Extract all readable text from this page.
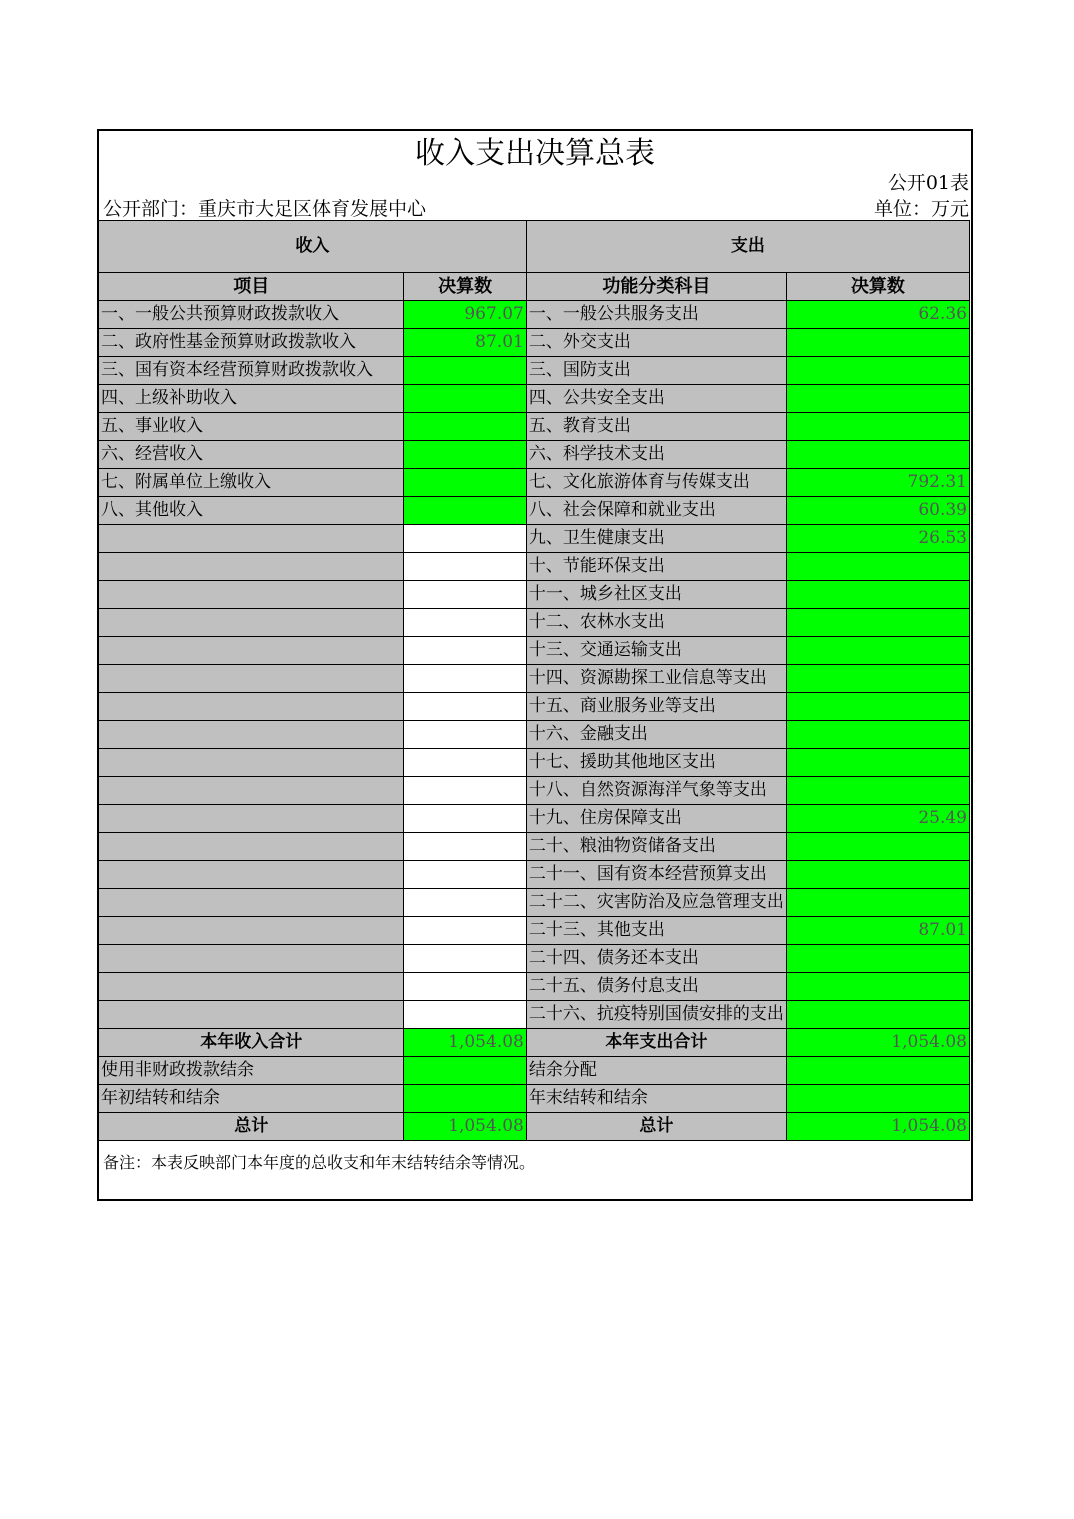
收入支出决算总表
公开01表
公开部门：重庆市大足区体育发展中心	单位：万元
收入		支出	
项目	决算数	功能分类科目	决算数
一、一般公共预算财政拨款收入	967.07	一、一般公共服务支出	62.36
二、政府性基金预算财政拨款收入	87.01	二、外交支出	
三、国有资本经营预算财政拨款收入		三、国防支出	
四、上级补助收入		四、公共安全支出	
五、事业收入		五、教育支出	
六、经营收入		六、科学技术支出	
七、附属单位上缴收入		七、文化旅游体育与传媒支出	792.31
八、其他收入		八、社会保障和就业支出	60.39
		九、卫生健康支出	26.53
		十、节能环保支出	
		十一、城乡社区支出	
		十二、农林水支出	
		十三、交通运输支出	
		十四、资源勘探工业信息等支出	
		十五、商业服务业等支出	
		十六、金融支出	
		十七、援助其他地区支出	
		十八、自然资源海洋气象等支出	
		十九、住房保障支出	25.49
		二十、粮油物资储备支出	
		二十一、国有资本经营预算支出	
		二十二、灾害防治及应急管理支出	
		二十三、其他支出	87.01
		二十四、债务还本支出	
		二十五、债务付息支出	
		二十六、抗疫特别国债安排的支出	
本年收入合计	1,054.08	本年支出合计	1,054.08
使用非财政拨款结余		结余分配	
年初结转和结余		年末结转和结余	
总计	1,054.08	总计	1,054.08
备注：本表反映部门本年度的总收支和年末结转结余等情况。
